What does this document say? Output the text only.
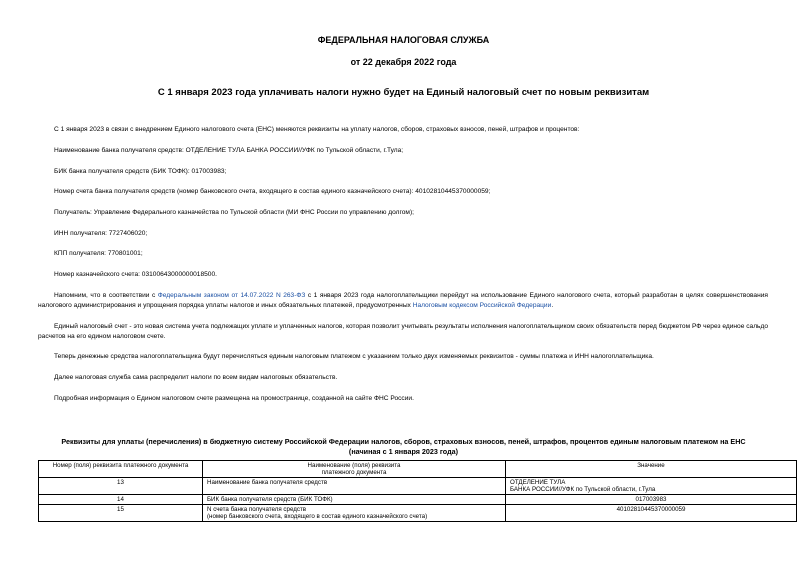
ФЕДЕРАЛЬНАЯ НАЛОГОВАЯ СЛУЖБА
от 22 декабря 2022 года
С 1 января 2023 года уплачивать налоги нужно будет на Единый налоговый счет по новым реквизитам
С 1 января 2023 в связи с внедрением Единого налогового счета (ЕНС) меняются реквизиты на уплату налогов, сборов, страховых взносов, пеней, штрафов и процентов:
Наименование банка получателя средств: ОТДЕЛЕНИЕ ТУЛА БАНКА РОССИИ//УФК по Тульской области, г.Тула;
БИК банка получателя средств (БИК ТОФК): 017003983;
Номер счета банка получателя средств (номер банковского счета, входящего в состав единого казначейского счета): 40102810445370000059;
Получатель: Управление Федерального казначейства по Тульской области (МИ ФНС России по управлению долгом);
ИНН получателя: 7727406020;
КПП получателя: 770801001;
Номер казначейского счета: 03100643000000018500.
Напомним, что в соответствии с Федеральным законом от 14.07.2022 N 263-ФЗ с 1 января 2023 года налогоплательщики перейдут на использование Единого налогового счета, который разработан в целях совершенствования налогового администрирования и упрощения порядка уплаты налогов и иных обязательных платежей, предусмотренных Налоговым кодексом Российской Федерации.
Единый налоговый счет - это новая система учета подлежащих уплате и уплаченных налогов, которая позволит учитывать результаты исполнения налогоплательщиком своих обязательств перед бюджетом РФ через единое сальдо расчетов на его едином налоговом счете.
Теперь денежные средства налогоплательщика будут перечисляться единым налоговым платежом с указанием только двух изменяемых реквизитов - суммы платежа и ИНН налогоплательщика.
Далее налоговая служба сама распределит налоги по всем видам налоговых обязательств.
Подробная информация о Едином налоговом счете размещена на промостранице, созданной на сайте ФНС России.
Реквизиты для уплаты (перечисления) в бюджетную систему Российской Федерации налогов, сборов, страховых взносов, пеней, штрафов, процентов единым налоговым платежом на ЕНС
(начиная с 1 января 2023 года)
Номер (поля) реквизита платежного документа	Наименование (поля) реквизита
платежного документа	Значение
13	Наименование банка получателя средств	ОТДЕЛЕНИЕ ТУЛА
БАНКА РОССИИ//УФК по Тульской области, г.Тула

14	БИК банка получателя средств (БИК ТОФК)	017003983
15	N счета банка получателя средств
(номер банковского счета, входящего в состав единого казначейского счета)	40102810445370000059
